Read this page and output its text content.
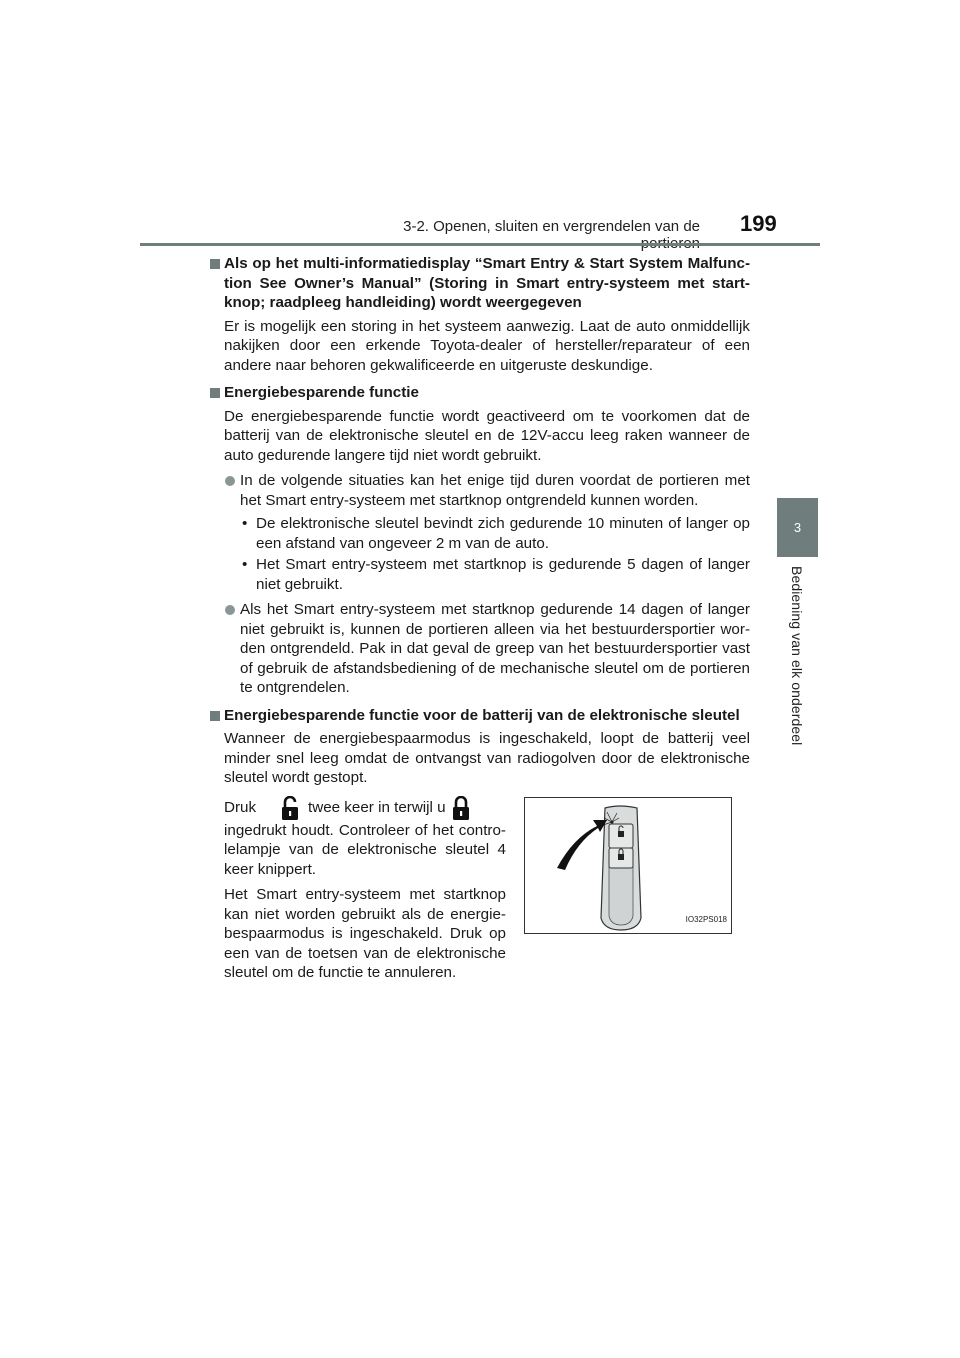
3-2. Openen, sluiten en vergrendelen van de 199
3
Bediening van elk onderdeel
Als op het multi-informatiedisplay “Smart Entry & Start System Malfunc-tion See Owner’s Manual” (Storing in Smart entry-systeem met start-knop; raadpleeg handleiding) wordt weergegeven
Er is mogelijk een storing in het systeem aanwezig. Laat de auto onmiddellijk nakijken door een erkende Toyota-dealer of hersteller/reparateur of een andere naar behoren gekwalificeerde en uitgeruste deskundige.
Energiebesparende functie
De energiebesparende functie wordt geactiveerd om te voorkomen dat de batterij van de elektronische sleutel en de 12V-accu leeg raken wanneer de auto gedurende langere tijd niet wordt gebruikt.
In de volgende situaties kan het enige tijd duren voordat de portieren met het Smart entry-systeem met startknop ontgrendeld kunnen worden.
• De elektronische sleutel bevindt zich gedurende 10 minuten of langer op een afstand van ongeveer 2 m van de auto.
• Het Smart entry-systeem met startknop is gedurende 5 dagen of langer niet gebruikt.
Als het Smart entry-systeem met startknop gedurende 14 dagen of langer niet gebruikt is, kunnen de portieren alleen via het bestuurdersportier wor-den ontgrendeld. Pak in dat geval de greep van het bestuurdersportier vast of gebruik de afstandsbediening of de mechanische sleutel om de portieren te ontgrendelen.
Energiebesparende functie voor de batterij van de elektronische sleutel
Wanneer de energiebespaarmodus is ingeschakeld, loopt de batterij veel minder snel leeg omdat de ontvangst van radiogolven door de elektronische sleutel wordt gestopt.
Druk	twee keer in terwijl u
ingedrukt houdt. Controleer of het contro-lelampje van de elektronische sleutel 4 keer knippert.
Het Smart entry-systeem met startknop kan niet worden gebruikt als de energie-bespaarmodus is ingeschakeld. Druk op een van de toetsen van de elektronische sleutel om de functie te annuleren.
IO32PS018
